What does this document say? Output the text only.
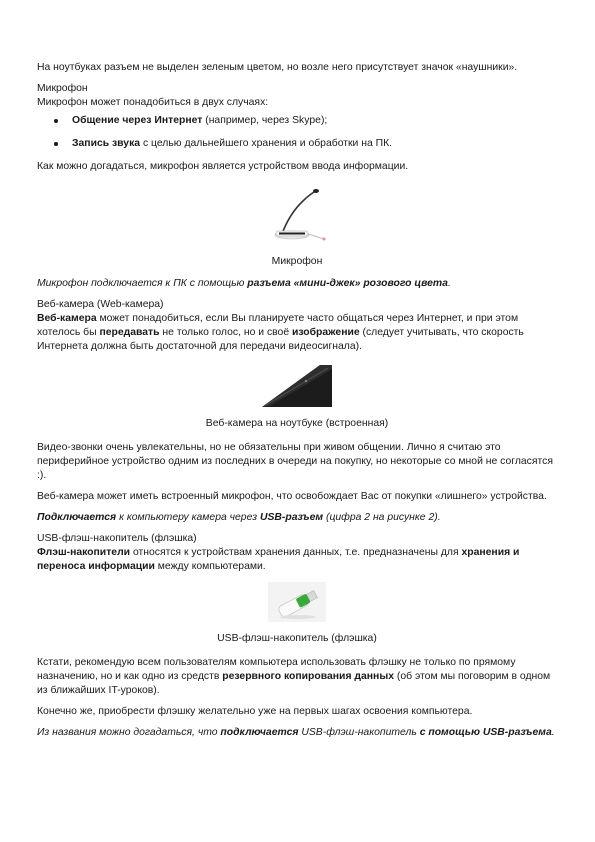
На ноутбуках разъем не выделен зеленым цветом, но возле него присутствует значок «наушники».

Микрофон

Микрофон может понадобиться в двух случаях:

Общение через Интернет (например, через Skype);
Запись звука с целью дальнейшего хранения и обработки на ПК.

Как можно догадаться, микрофон является устройством ввода информации.

Микрофон

Микрофон подключается к ПК с помощью разъема «мини-джек» розового цвета.

Веб-камера (Web-камера)

Веб-камера может понадобиться, если Вы планируете часто общаться через Интернет, и при этом хотелось бы передавать не только голос, но и своё изображение (следует учитывать, что скорость Интернета должна быть достаточной для передачи видеосигнала).

Веб-камера на ноутбуке (встроенная)

Видео-звонки очень увлекательны, но не обязательны при живом общении. Лично я считаю это периферийное устройство одним из последних в очереди на покупку, но некоторые со мной не согласятся :).

Веб-камера может иметь встроенный микрофон, что освобождает Вас от покупки «лишнего» устройства.

Подключается к компьютеру камера через USB-разъем (цифра 2 на рисунке 2).

USB-флэш-накопитель (флэшка)

Флэш-накопители относятся к устройствам хранения данных, т.е. предназначены для хранения и переноса информации между компьютерами.

USB-флэш-накопитель (флэшка)

Кстати, рекомендую всем пользователям компьютера использовать флэшку не только по прямому назначению, но и как одно из средств резервного копирования данных (об этом мы поговорим в одном из ближайших IT-уроков).

Конечно же, приобрести флэшку желательно уже на первых шагах освоения компьютера.

Из названия можно догадаться, что подключается USB-флэш-накопитель с помощью USB-разъема.
